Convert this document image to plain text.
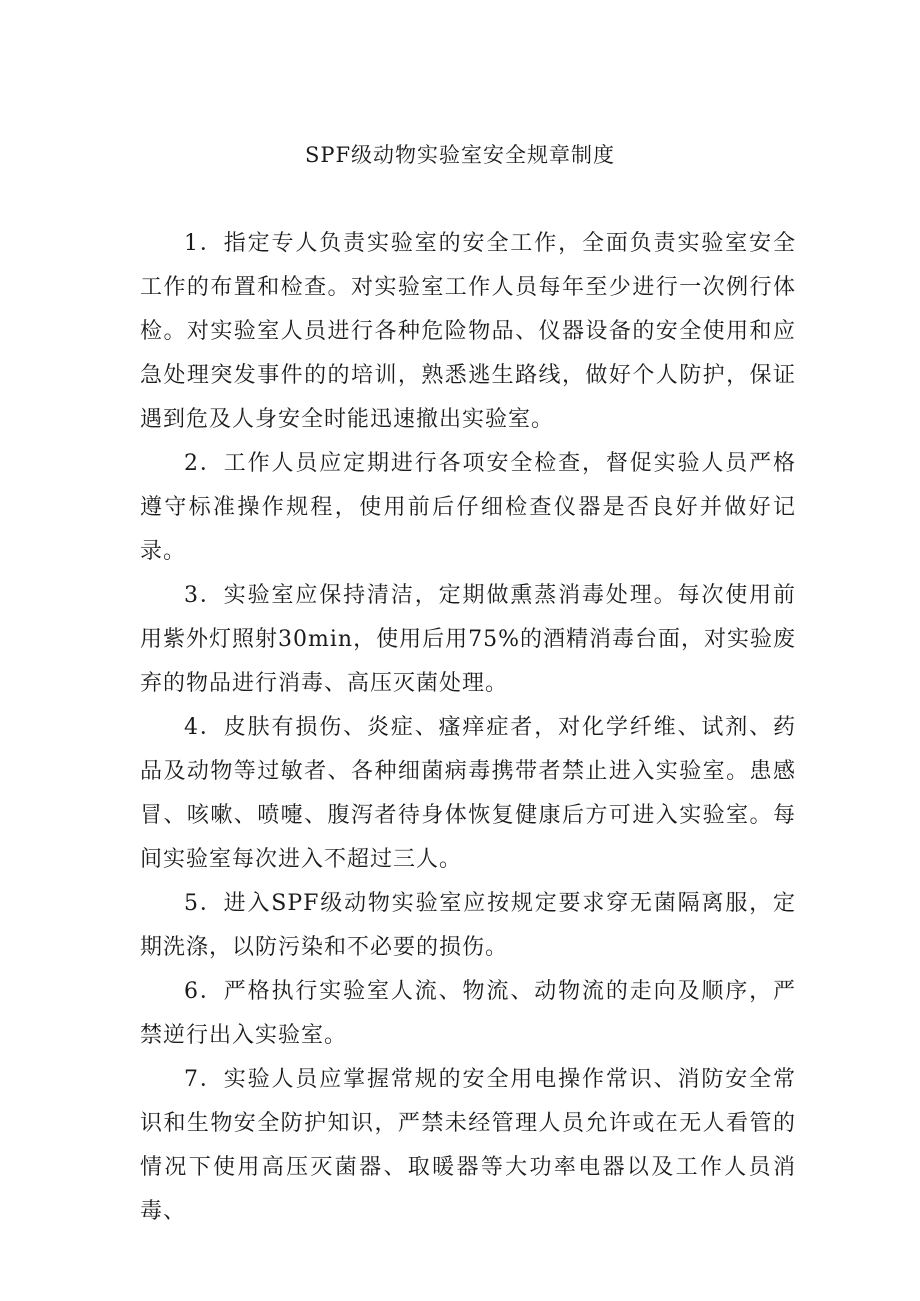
SPF级动物实验室安全规章制度

1．指定专人负责实验室的安全工作，全面负责实验室安全工作的布置和检查。对实验室工作人员每年至少进行一次例行体检。对实验室人员进行各种危险物品、仪器设备的安全使用和应急处理突发事件的的培训，熟悉逃生路线，做好个人防护，保证遇到危及人身安全时能迅速撤出实验室。

2．工作人员应定期进行各项安全检查，督促实验人员严格遵守标准操作规程，使用前后仔细检查仪器是否良好并做好记录。

3．实验室应保持清洁，定期做熏蒸消毒处理。每次使用前用紫外灯照射30min，使用后用75%的酒精消毒台面，对实验废弃的物品进行消毒、高压灭菌处理。

4．皮肤有损伤、炎症、瘙痒症者，对化学纤维、试剂、药品及动物等过敏者、各种细菌病毒携带者禁止进入实验室。患感冒、咳嗽、喷嚏、腹泻者待身体恢复健康后方可进入实验室。每间实验室每次进入不超过三人。

5．进入SPF级动物实验室应按规定要求穿无菌隔离服，定期洗涤，以防污染和不必要的损伤。

6．严格执行实验室人流、物流、动物流的走向及顺序，严禁逆行出入实验室。

7．实验人员应掌握常规的安全用电操作常识、消防安全常识和生物安全防护知识，严禁未经管理人员允许或在无人看管的情况下使用高压灭菌器、取暖器等大功率电器以及工作人员消毒、
